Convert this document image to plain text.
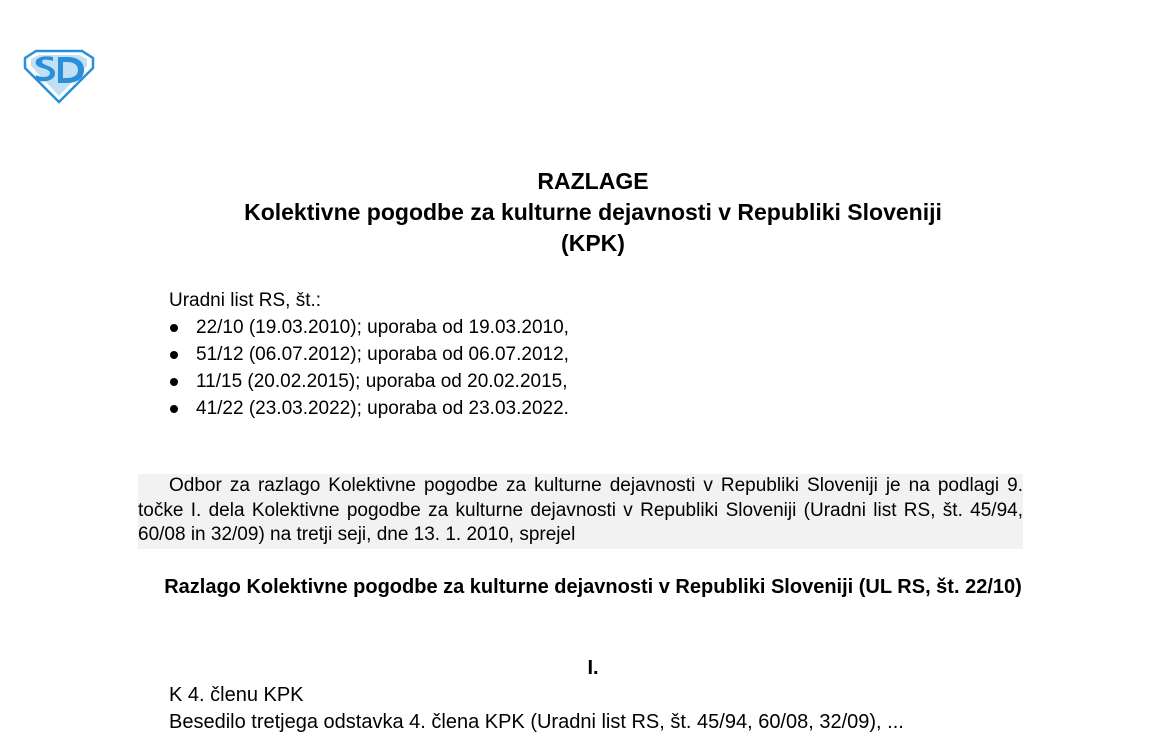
RAZLAGE
Kolektivne pogodbe za kulturne dejavnosti v Republiki Sloveniji
(KPK)
Uradni list RS, št.:
22/10 (19.03.2010); uporaba od 19.03.2010,
51/12 (06.07.2012); uporaba od 06.07.2012,
11/15 (20.02.2015); uporaba od 20.02.2015,
41/22 (23.03.2022); uporaba od 23.03.2022.
Odbor za razlago Kolektivne pogodbe za kulturne dejavnosti v Republiki Sloveniji je na podlagi 9. točke I. dela Kolektivne pogodbe za kulturne dejavnosti v Republiki Sloveniji (Uradni list RS, št. 45/94, 60/08 in 32/09) na tretji seji, dne 13. 1. 2010, sprejel
Razlago Kolektivne pogodbe za kulturne dejavnosti v Republiki Sloveniji (UL RS, št. 22/10)
I.
K 4. členu KPK
Besedilo tretjega odstavka 4. člena KPK (Uradni list RS, št. 45/94, 60/08, 32/09), ...
